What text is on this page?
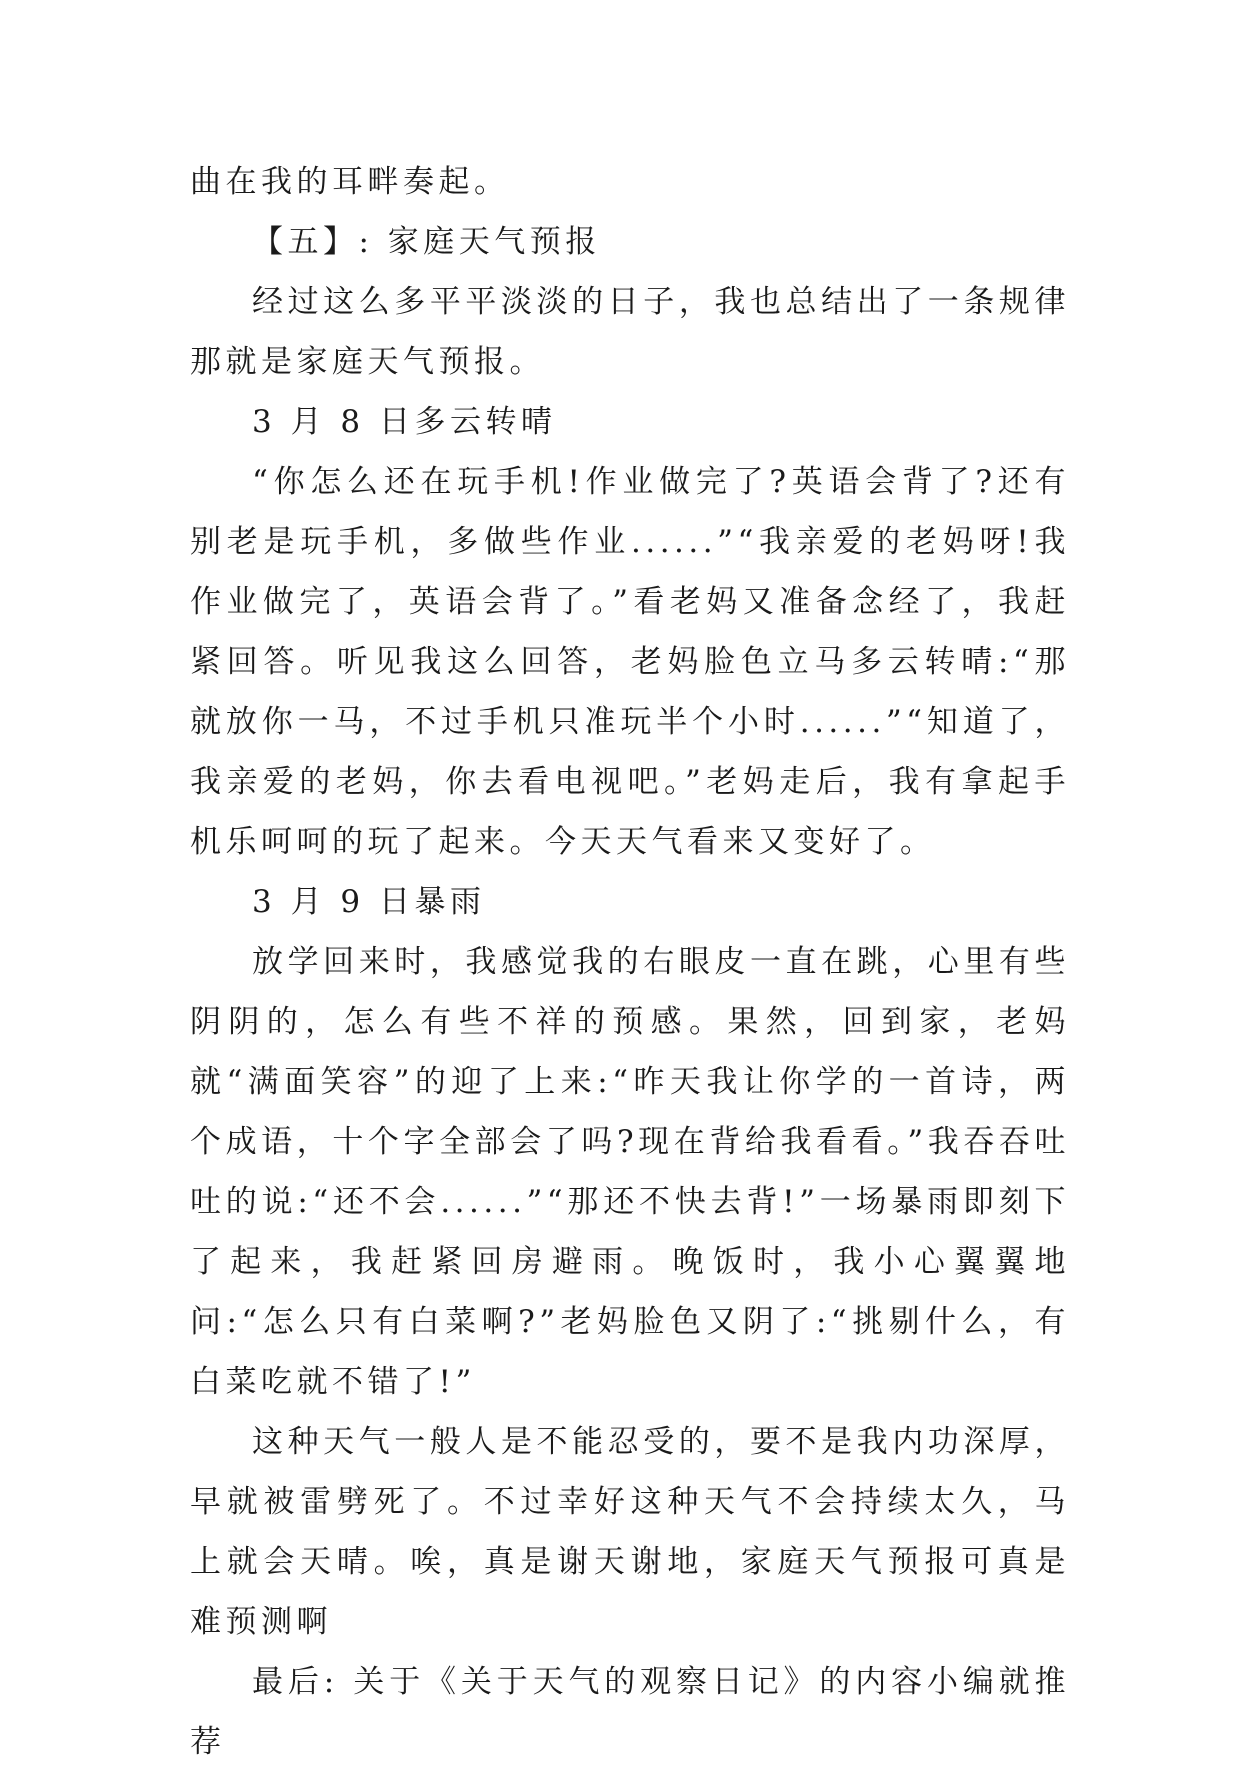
曲在我的耳畔奏起。

【五】: 家庭天气预报

经过这么多平平淡淡的日子，我也总结出了一条规律那就是家庭天气预报。

3 月 8 日多云转晴

“你怎么还在玩手机!作业做完了?英语会背了?还有别老是玩手机，多做些作业......”“我亲爱的老妈呀!我作业做完了，英语会背了。”看老妈又准备念经了，我赶紧回答。听见我这么回答，老妈脸色立马多云转晴:“那就放你一马，不过手机只准玩半个小时......”“知道了，我亲爱的老妈，你去看电视吧。”老妈走后，我有拿起手机乐呵呵的玩了起来。今天天气看来又变好了。

3 月 9 日暴雨

放学回来时，我感觉我的右眼皮一直在跳，心里有些阴阴的，怎么有些不祥的预感。果然，回到家，老妈就“满面笑容”的迎了上来:“昨天我让你学的一首诗，两个成语，十个字全部会了吗?现在背给我看看。”我吞吞吐吐的说:“还不会......”“那还不快去背!”一场暴雨即刻下了起来，我赶紧回房避雨。晚饭时，我小心翼翼地问:“怎么只有白菜啊?”老妈脸色又阴了:“挑剔什么，有白菜吃就不错了!”

这种天气一般人是不能忍受的，要不是我内功深厚，早就被雷劈死了。不过幸好这种天气不会持续太久，马上就会天晴。唉，真是谢天谢地，家庭天气预报可真是难预测啊

最后: 关于《关于天气的观察日记》的内容小编就推荐
